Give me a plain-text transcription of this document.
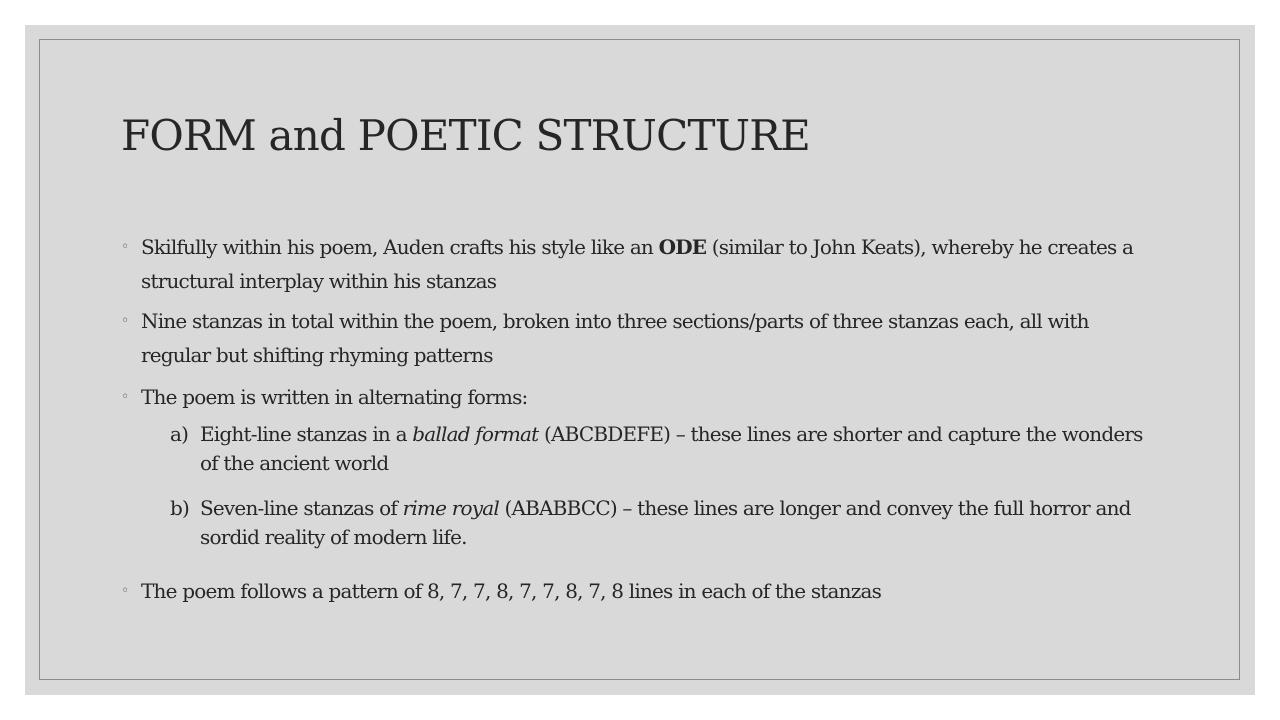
FORM and POETIC STRUCTURE

◦ Skilfully within his poem, Auden crafts his style like an ODE (similar to John Keats), whereby he creates a structural interplay within his stanzas

◦ Nine stanzas in total within the poem, broken into three sections/parts of three stanzas each, all with regular but shifting rhyming patterns

◦ The poem is written in alternating forms:

a) Eight-line stanzas in a ballad format (ABCBDEFE) – these lines are shorter and capture the wonders of the ancient world
b) Seven-line stanzas of rime royal (ABABBCC) – these lines are longer and convey the full horror and sordid reality of modern life.

◦ The poem follows a pattern of 8, 7, 7, 8, 7, 7, 8, 7, 8 lines in each of the stanzas
